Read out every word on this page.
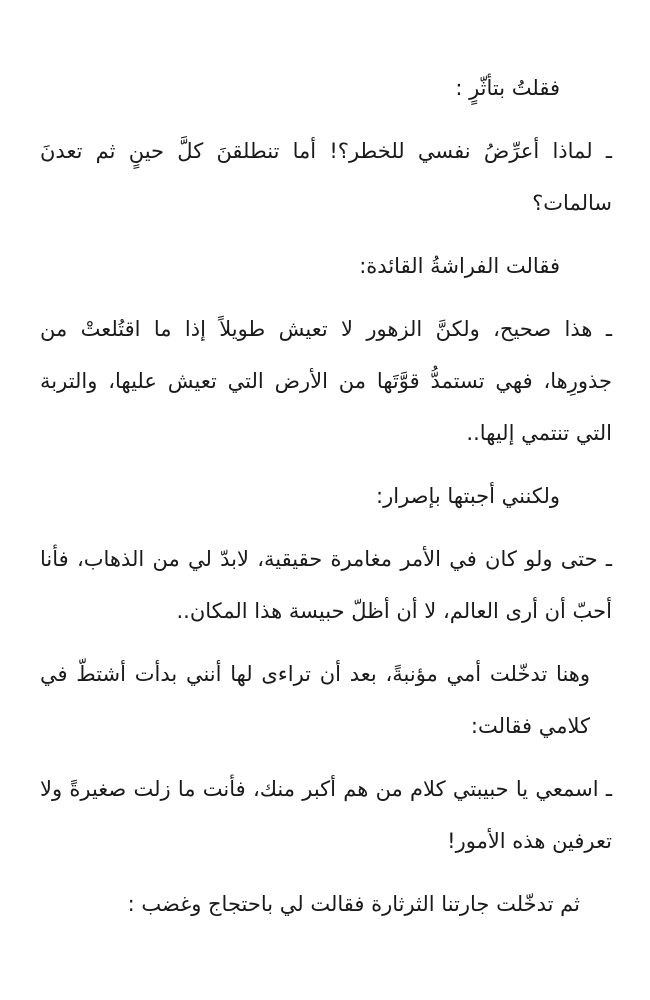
فقلتُ بتأثّرٍ :

ـ لماذا أعرِّضُ نفسي للخطر؟! أما تنطلقنَ كلَّ حينٍ ثم تعدنَ سالمات؟

فقالت الفراشةُ القائدة:

ـ هذا صحيح، ولكنَّ الزهور لا تعيش طويلاً إذا ما اقتُلعتْ من جذورِها، فهي تستمدُّ قوَّتَها من الأرض التي تعيش عليها، والتربة التي تنتمي إليها..

ولكنني أجبتها بإصرار:

ـ حتى ولو كان في الأمر مغامرة حقيقية، لابدّ لي من الذهاب، فأنا أحبّ أن أرى العالم، لا أن أظلّ حبيسة هذا المكان..

وهنا تدخّلت أمي مؤنبةً، بعد أن تراءى لها أنني بدأت أشتطّ في كلامي فقالت:

ـ اسمعي يا حبيبتي كلام من هم أكبر منك، فأنت ما زلت صغيرةً ولا تعرفين هذه الأمور!

ثم تدخّلت جارتنا الثرثارة فقالت لي باحتجاج وغضب :
